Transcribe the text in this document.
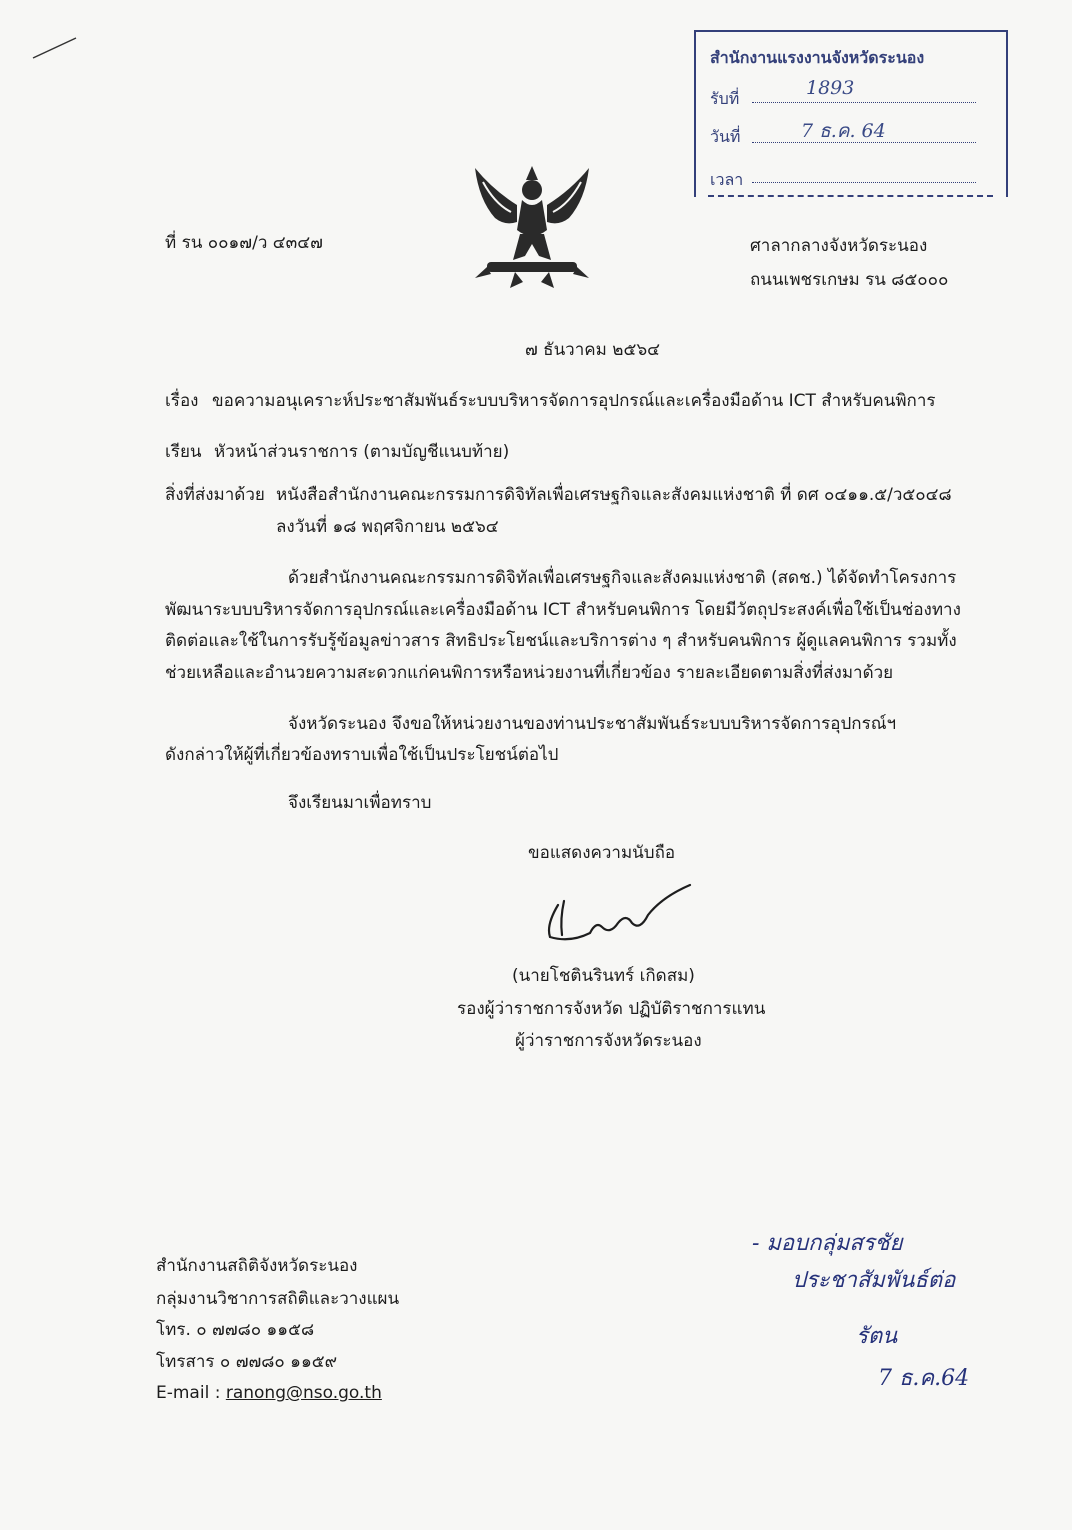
สำนักงานแรงงานจังหวัดระนอง
รับที่	1893
วันที่	7 ธ.ค. 64
เวลา
ที่ รน ๐๐๑๗/ว ๔๓๔๗	ศาลากลางจังหวัดระนอง
ถนนเพชรเกษม รน ๘๕๐๐๐
๗ ธันวาคม ๒๕๖๔
เรื่อง ขอความอนุเคราะห์ประชาสัมพันธ์ระบบบริหารจัดการอุปกรณ์และเครื่องมือด้าน ICT สำหรับคนพิการ
เรียน หัวหน้าส่วนราชการ (ตามบัญชีแนบท้าย)
สิ่งที่ส่งมาด้วย หนังสือสำนักงานคณะกรรมการดิจิทัลเพื่อเศรษฐกิจและสังคมแห่งชาติ ที่ ดศ ๐๔๑๑.๕/ว๕๐๔๘
ลงวันที่ ๑๘ พฤศจิกายน ๒๕๖๔
ด้วยสำนักงานคณะกรรมการดิจิทัลเพื่อเศรษฐกิจและสังคมแห่งชาติ (สดช.) ได้จัดทำโครงการ
พัฒนาระบบบริหารจัดการอุปกรณ์และเครื่องมือด้าน ICT สำหรับคนพิการ โดยมีวัตถุประสงค์เพื่อใช้เป็นช่องทาง
ติดต่อและใช้ในการรับรู้ข้อมูลข่าวสาร สิทธิประโยชน์และบริการต่าง ๆ สำหรับคนพิการ ผู้ดูแลคนพิการ รวมทั้ง
ช่วยเหลือและอำนวยความสะดวกแก่คนพิการหรือหน่วยงานที่เกี่ยวข้อง รายละเอียดตามสิ่งที่ส่งมาด้วย
จังหวัดระนอง จึงขอให้หน่วยงานของท่านประชาสัมพันธ์ระบบบริหารจัดการอุปกรณ์ฯ
ดังกล่าวให้ผู้ที่เกี่ยวข้องทราบเพื่อใช้เป็นประโยชน์ต่อไป
จึงเรียนมาเพื่อทราบ
ขอแสดงความนับถือ
(นายโชตินรินทร์ เกิดสม)
รองผู้ว่าราชการจังหวัด ปฏิบัติราชการแทน
ผู้ว่าราชการจังหวัดระนอง
สำนักงานสถิติจังหวัดระนอง
กลุ่มงานวิชาการสถิติและวางแผน
โทร. ๐ ๗๗๘๐ ๑๑๕๘
โทรสาร ๐ ๗๗๘๐ ๑๑๕๙
E-mail : ranong@nso.go.th
- มอบกลุ่มสรชัย
ประชาสัมพันธ์ต่อ
รัตน
7 ธ.ค.64
